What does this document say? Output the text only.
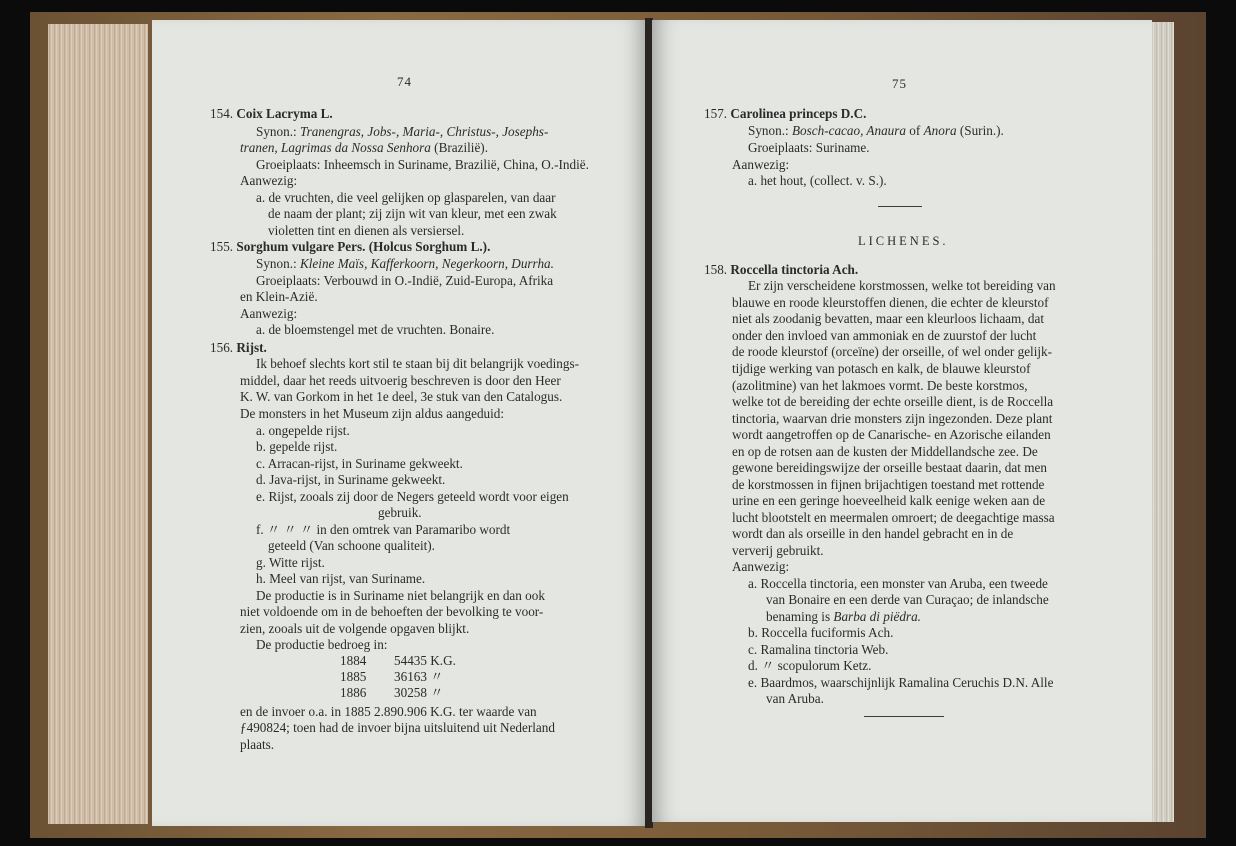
74
154. Coix Lacryma L.
Synon.: Tranengras, Jobs-, Maria-, Christus-, Josephs-
tranen, Lagrimas da Nossa Senhora (Brazilië).
Groeiplaats: Inheemsch in Suriname, Brazilië, China, O.-Indië.
Aanwezig:
a. de vruchten, die veel gelijken op glasparelen, van daar
de naam der plant; zij zijn wit van kleur, met een zwak
violetten tint en dienen als versiersel.
155. Sorghum vulgare Pers. (Holcus Sorghum L.).
Synon.: Kleine Maïs, Kafferkoorn, Negerkoorn, Durrha.
Groeiplaats: Verbouwd in O.-Indië, Zuid-Europa, Afrika
en Klein-Azië.
Aanwezig:
a. de bloemstengel met de vruchten. Bonaire.
156. Rijst.
Ik behoef slechts kort stil te staan bij dit belangrijk voedings-
middel, daar het reeds uitvoerig beschreven is door den Heer
K. W. van Gorkom in het 1e deel, 3e stuk van den Catalogus.
De monsters in het Museum zijn aldus aangeduid:
a. ongepelde rijst.
b. gepelde rijst.
c. Arracan-rijst, in Suriname gekweekt.
d. Java-rijst, in Suriname gekweekt.
e. Rijst, zooals zij door de Negers geteeld wordt voor eigen
gebruik.
f. 〃 〃 〃 in den omtrek van Paramaribo wordt
geteeld (Van schoone qualiteit).
g. Witte rijst.
h. Meel van rijst, van Suriname.
De productie is in Suriname niet belangrijk en dan ook
niet voldoende om in de behoeften der bevolking te voor-
zien, zooals uit de volgende opgaven blijkt.
De productie bedroeg in:
1884 54435 K.G.
1885 36163 〃
1886 30258 〃
en de invoer o.a. in 1885 2.890.906 K.G. ter waarde van
ƒ490824; toen had de invoer bijna uitsluitend uit Nederland
plaats.
75
157. Carolinea princeps D.C.
Synon.: Bosch-cacao, Anaura of Anora (Surin.).
Groeiplaats: Suriname.
Aanwezig:
a. het hout, (collect. v. S.).
LICHENES.
158. Roccella tinctoria Ach.
Er zijn verscheidene korstmossen, welke tot bereiding van
blauwe en roode kleurstoffen dienen, die echter de kleurstof
niet als zoodanig bevatten, maar een kleurloos lichaam, dat
onder den invloed van ammoniak en de zuurstof der lucht
de roode kleurstof (orceïne) der orseille, of wel onder gelijk-
tijdige werking van potasch en kalk, de blauwe kleurstof
(azolitmine) van het lakmoes vormt. De beste korstmos,
welke tot de bereiding der echte orseille dient, is de Roccella
tinctoria, waarvan drie monsters zijn ingezonden. Deze plant
wordt aangetroffen op de Canarische- en Azorische eilanden
en op de rotsen aan de kusten der Middellandsche zee. De
gewone bereidingswijze der orseille bestaat daarin, dat men
de korstmossen in fijnen brijachtigen toestand met rottende
urine en een geringe hoeveelheid kalk eenige weken aan de
lucht blootstelt en meermalen omroert; de deegachtige massa
wordt dan als orseille in den handel gebracht en in de
ververij gebruikt.
Aanwezig:
a. Roccella tinctoria, een monster van Aruba, een tweede
van Bonaire en een derde van Curaçao; de inlandsche
benaming is Barba di piëdra.
b. Roccella fuciformis Ach.
c. Ramalina tinctoria Web.
d. 〃 scopulorum Ketz.
e. Baardmos, waarschijnlijk Ramalina Ceruchis D.N. Alle
van Aruba.
